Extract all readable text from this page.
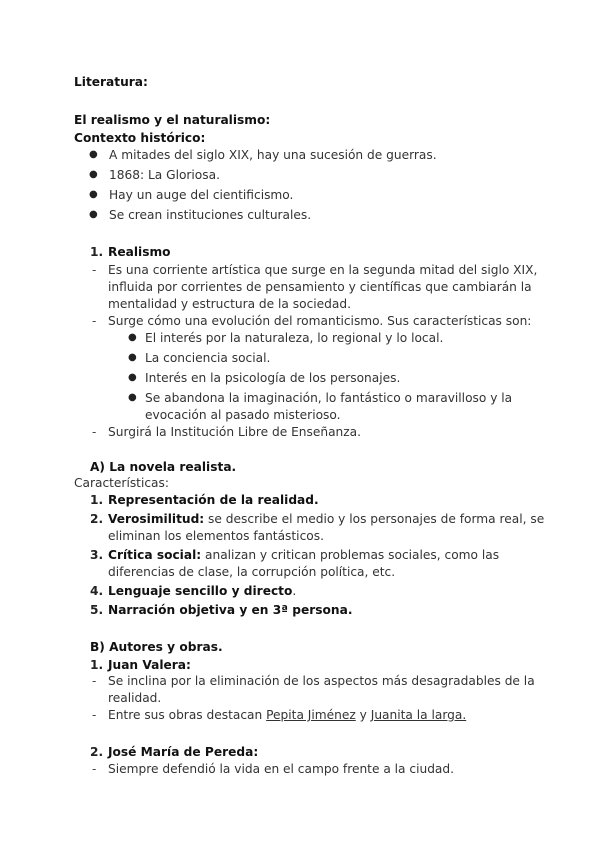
Literatura:
El realismo y el naturalismo:
Contexto histórico:
● A mitades del siglo XIX, hay una sucesión de guerras.
● 1868: La Gloriosa.
● Hay un auge del cientificismo.
● Se crean instituciones culturales.
1. Realismo
- Es una corriente artística que surge en la segunda mitad del siglo XIX,
influida por corrientes de pensamiento y científicas que cambiarán la
mentalidad y estructura de la sociedad.
- Surge cómo una evolución del romanticismo. Sus características son:
● El interés por la naturaleza, lo regional y lo local.
● La conciencia social.
● Interés en la psicología de los personajes.
● Se abandona la imaginación, lo fantástico o maravilloso y la
evocación al pasado misterioso.
- Surgirá la Institución Libre de Enseñanza.
A) La novela realista.
Características:
1. Representación de la realidad.
2. Verosimilitud: se describe el medio y los personajes de forma real, se
eliminan los elementos fantásticos.
3. Crítica social: analizan y critican problemas sociales, como las
diferencias de clase, la corrupción política, etc.
4. Lenguaje sencillo y directo.
5. Narración objetiva y en 3ª persona.
B) Autores y obras.
1. Juan Valera:
- Se inclina por la eliminación de los aspectos más desagradables de la
realidad.
- Entre sus obras destacan Pepita Jiménez y Juanita la larga.
2. José María de Pereda:
- Siempre defendió la vida en el campo frente a la ciudad.
